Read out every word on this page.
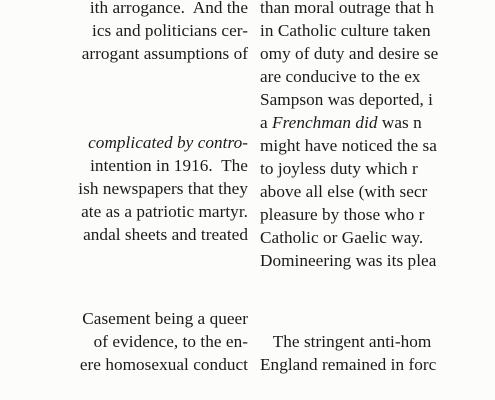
ith arrogance.  And the
ics and politicians cer-
arrogant assumptions of
complicated by contro-
intention in 1916.  The
ish newspapers that they
ate as a patriotic martyr.
andal sheets and treated
Casement being a queer
of evidence, to the en-
ere homosexual conduct
than moral outrage that h
in Catholic culture taken
omy of duty and desire se
are conducive to the ex
Sampson was deported, i
a Frenchman did was n
might have noticed the sa
to joyless duty which r
above all else (with secr
pleasure by those who r
Catholic or Gaelic way.
Domineering was its plea
The stringent anti-hom
England remained in forc
